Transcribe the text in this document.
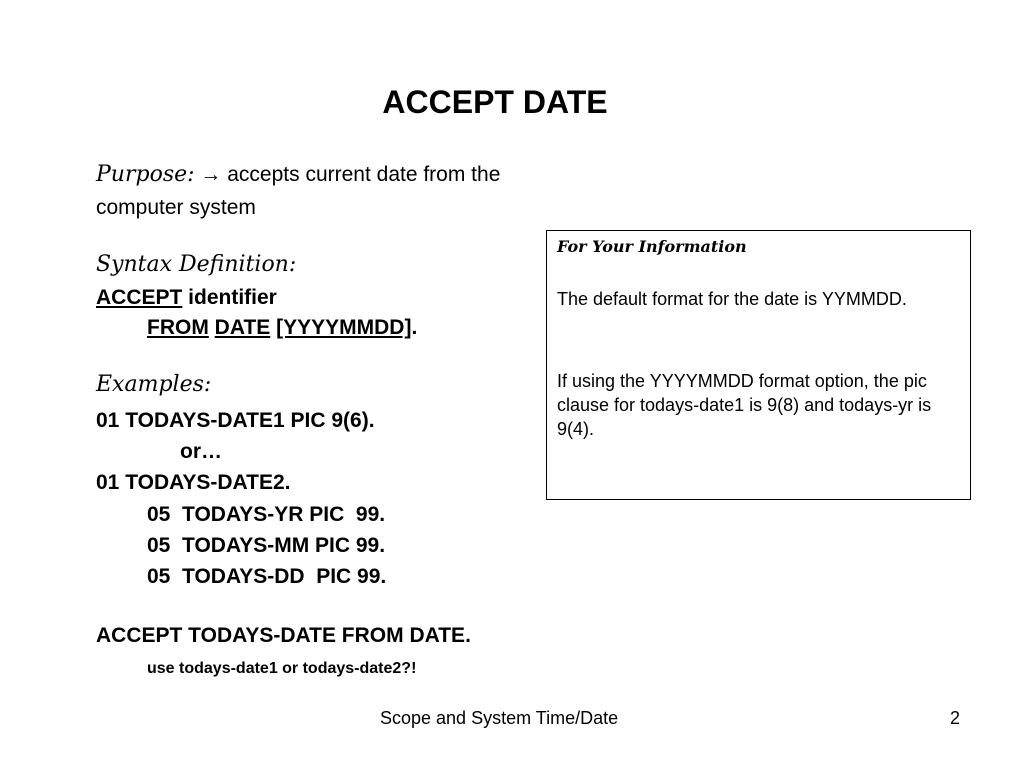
ACCEPT DATE
Purpose: → accepts current date from the
computer system
Syntax Definition:
ACCEPT identifier
FROM DATE [YYYYMMDD].
Examples:
01 TODAYS-DATE1 PIC 9(6).
or…
01 TODAYS-DATE2.
05  TODAYS-YR PIC  99.
05  TODAYS-MM PIC 99.
05  TODAYS-DD  PIC 99.
ACCEPT TODAYS-DATE FROM DATE.
use todays-date1 or todays-date2?!
For Your Information
The default format for the date is YYMMDD.
If using the YYYYMMDD format option, the pic clause for todays-date1 is 9(8) and todays-yr is 9(4).
Scope and System Time/Date	2
